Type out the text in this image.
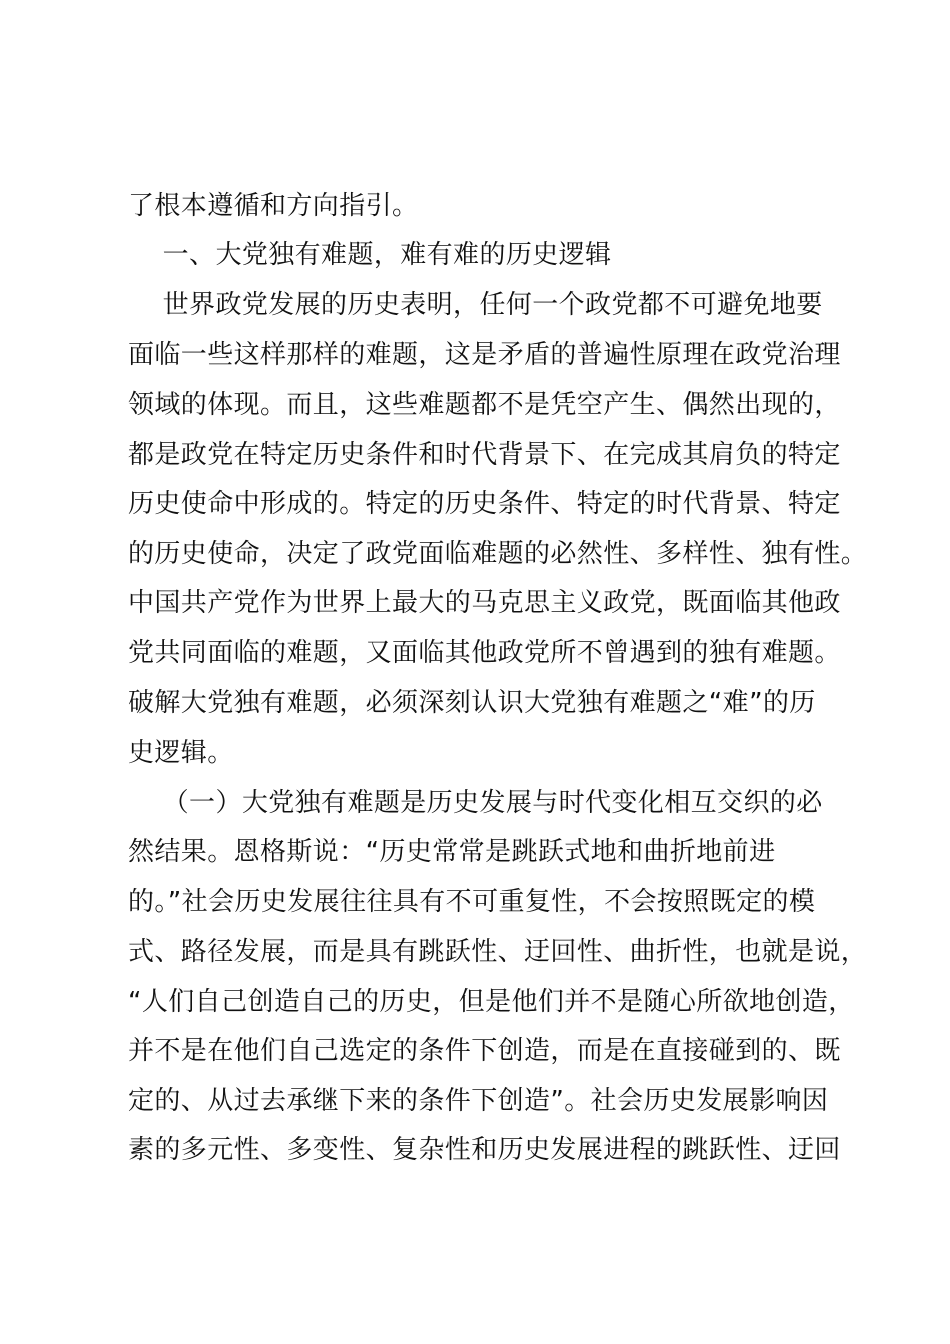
了根本遵循和方向指引。
一、大党独有难题，难有难的历史逻辑
世界政党发展的历史表明，任何一个政党都不可避免地要
面临一些这样那样的难题，这是矛盾的普遍性原理在政党治理
领域的体现。而且，这些难题都不是凭空产生、偶然出现的，
都是政党在特定历史条件和时代背景下、在完成其肩负的特定
历史使命中形成的。特定的历史条件、特定的时代背景、特定
的历史使命，决定了政党面临难题的必然性、多样性、独有性。
中国共产党作为世界上最大的马克思主义政党，既面临其他政
党共同面临的难题，又面临其他政党所不曾遇到的独有难题。
破解大党独有难题，必须深刻认识大党独有难题之“难”的历
史逻辑。
（一）大党独有难题是历史发展与时代变化相互交织的必
然结果。恩格斯说：“历史常常是跳跃式地和曲折地前进
的。”社会历史发展往往具有不可重复性，不会按照既定的模
式、路径发展，而是具有跳跃性、迂回性、曲折性，也就是说，
“人们自己创造自己的历史，但是他们并不是随心所欲地创造，
并不是在他们自己选定的条件下创造，而是在直接碰到的、既
定的、从过去承继下来的条件下创造”。社会历史发展影响因
素的多元性、多变性、复杂性和历史发展进程的跳跃性、迂回
